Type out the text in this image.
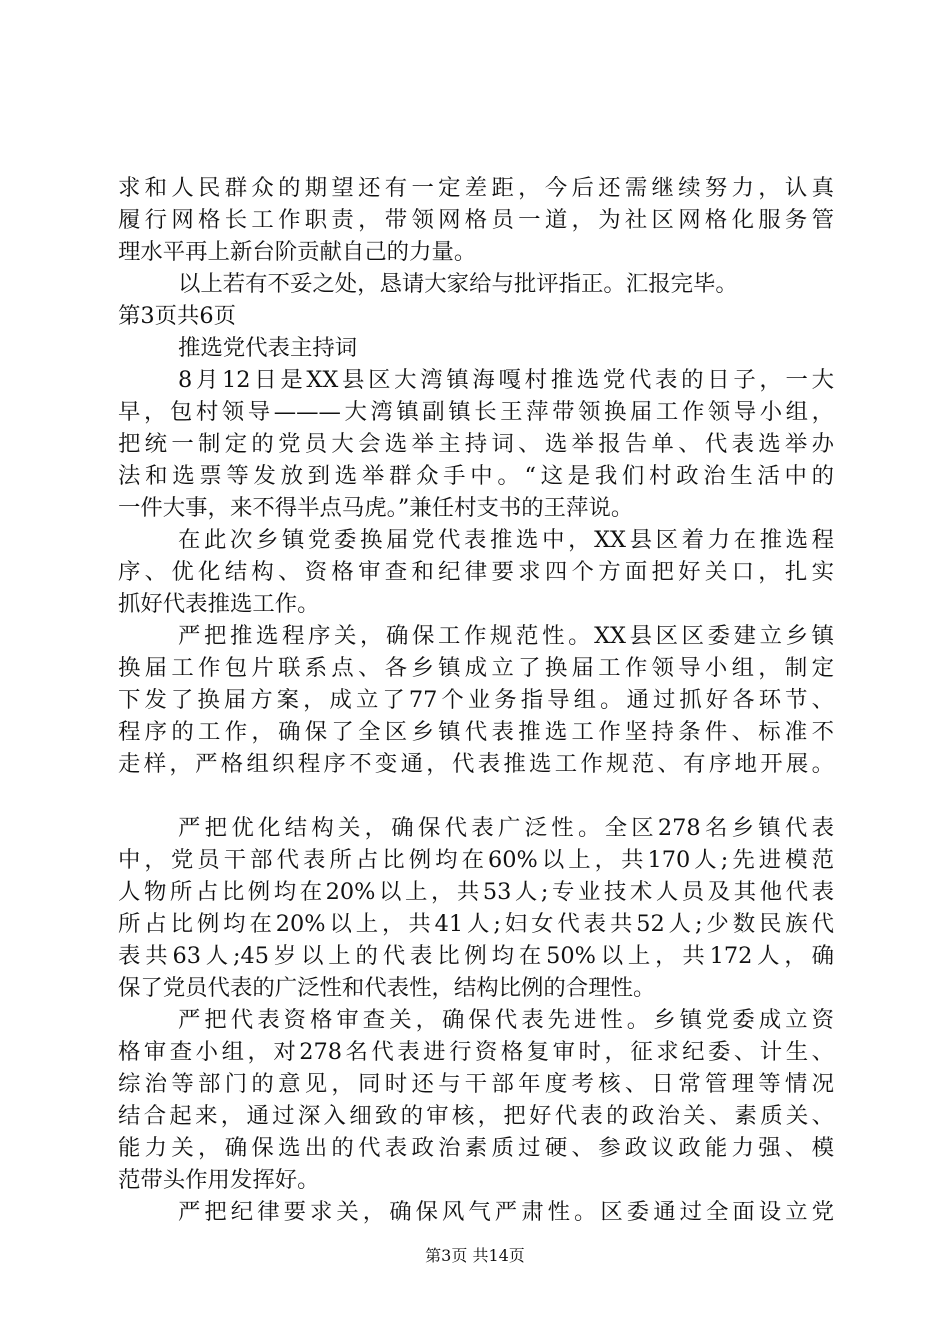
求和人民群众的期望还有一定差距，今后还需继续努力，认真
履行网格长工作职责，带领网格员一道，为社区网格化服务管
理水平再上新台阶贡献自己的力量。
以上若有不妥之处，恳请大家给与批评指正。汇报完毕。
第3页共6页
推选党代表主持词
8月12日是XX县区大湾镇海嘎村推选党代表的日子，一大
早，包村领导———大湾镇副镇长王萍带领换届工作领导小组，
把统一制定的党员大会选举主持词、选举报告单、代表选举办
法和选票等发放到选举群众手中。“这是我们村政治生活中的
一件大事，来不得半点马虎。”兼任村支书的王萍说。
在此次乡镇党委换届党代表推选中，XX县区着力在推选程
序、优化结构、资格审查和纪律要求四个方面把好关口，扎实
抓好代表推选工作。
严把推选程序关，确保工作规范性。XX县区区委建立乡镇
换届工作包片联系点、各乡镇成立了换届工作领导小组，制定
下发了换届方案，成立了77个业务指导组。通过抓好各环节、
程序的工作，确保了全区乡镇代表推选工作坚持条件、标准不
走样，严格组织程序不变通，代表推选工作规范、有序地开展。
严把优化结构关，确保代表广泛性。全区278名乡镇代表
中，党员干部代表所占比例均在60%以上，共170人;先进模范
人物所占比例均在20%以上，共53人;专业技术人员及其他代表
所占比例均在20%以上，共41人;妇女代表共52人;少数民族代
表共63人;45岁以上的代表比例均在50%以上，共172人，确
保了党员代表的广泛性和代表性，结构比例的合理性。
严把代表资格审查关，确保代表先进性。乡镇党委成立资
格审查小组，对278名代表进行资格复审时，征求纪委、计生、
综治等部门的意见，同时还与干部年度考核、日常管理等情况
结合起来，通过深入细致的审核，把好代表的政治关、素质关、
能力关，确保选出的代表政治素质过硬、参政议政能力强、模
范带头作用发挥好。
严把纪律要求关，确保风气严肃性。区委通过全面设立党
第3页 共14页
